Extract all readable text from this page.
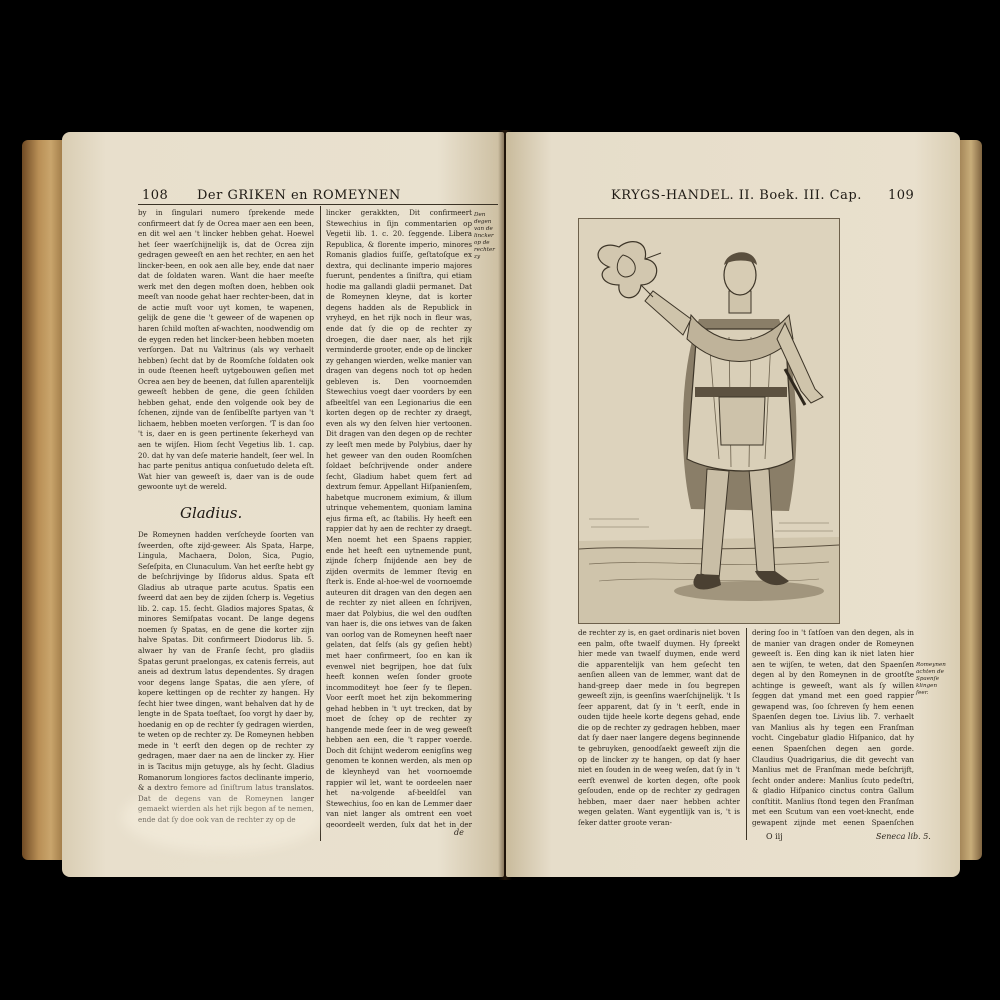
108 Der GRIKEN en ROMEYNEN

by in ſingulari numero ſprekende mede confirmeert dat ſy de Ocrea maer aen een been, en dit wel aen 't lincker hebben gehat. Hoewel het ſeer waerſchijnelijk is, dat de Ocrea zijn gedragen geweeſt en aen het rechter, en aen het lincker-been, en ook aen alle bey, ende dat naer dat de ſoldaten waren. Want die haer meeſte werk met den degen moſten doen, hebben ook meeſt van noode gehat haer rechter-been, dat in de actie muſt voor uyt komen, te wapenen, gelijk de gene die 't geweer of de wapenen op haren ſchild moſten af-wachten, noodwendig om de eygen reden het lincker-been hebben moeten verſorgen. Dat nu Valtrinus (als wy verhaelt hebben) ſecht dat by de Roomſche ſoldaten ook in oude ſteenen heeft uytgebouwen geſien met Ocrea aen bey de beenen, dat ſullen aparentelijk geweeſt hebben de gene, die geen ſchilden hebben gehat, ende den volgende ook bey de ſchenen, zijnde van de ſenſibelſte partyen van 't lichaem, hebben moeten verſorgen. 'T is dan ſoo 't is, daer en is geen pertinente ſekerheyd van aen te wijſen. Hiom ſecht Vegetius lib. 1. cap. 20. dat hy van deſe materie handelt, ſeer wel. In hac parte penitus antiqua conſuetudo deleta eſt. Wat hier van geweeſt is, daer van is de oude gewoonte uyt de wereld.

Gladius.

De Romeynen hadden verſcheyde ſoorten van ſweerden, ofte zijd-geweer. Als Spata, Harpe, Lingula, Machaera, Dolon, Sica, Pugio, Seſeſpita, en Clunaculum. Van het eerſte hebt gy de beſchrijvinge by Iſidorus aldus. Spata eſt Gladius ab utraque parte acutus. Spatis een ſweerd dat aen bey de zijden ſcherp is. Vegetius lib. 2. cap. 15. ſecht. Gladios majores Spatas, & minores Semiſpatas vocant. De lange degens noemen ſy Spatas, en de gene die korter zijn halve Spatas. Dit confirmeert Diodorus lib. 5. alwaer hy van de Franſe ſecht, pro gladiis Spatas gerunt praelongas, ex catenis ferreis, aut aneis ad dextrum latus dependentes. Sy dragen voor degens lange Spatas, die aen yſere, of kopere kettingen op de rechter zy hangen. Hy ſecht hier twee dingen, want behalven dat hy de lengte in de Spata toeſtaet, ſoo vorgt hy daer by, hoedanig en op de rechter ſy gedragen wierden, te weten op de rechter zy. De Romeynen hebben mede in 't eerſt den degen op de rechter zy gedragen, maer daer na aen de lincker zy. Hier in is Tacitus mijn getuyge, als hy ſecht. Gladius Romanorum longiores factos declinante imperio, & a dextro femore ad ſiniſtrum latus translatos. Dat de degens van de Romeynen langer gemaekt wierden als het rijk begon af te nemen, ende dat ſy doe ook van de rechter zy op de

lincker gerakkten, Dit confirmeert Stewechius in ſijn commentarien op Vegetii lib. 1. c. 20. ſeggende. Libera Republica, & florente imperio, minores Romanis gladios fuiſſe, geſtatoſque ex dextra, qui declinante imperio majores fuerunt, pendentes a ſiniſtra, qui etiam hodie ma gallandi gladii permanet. Dat de Romeynen kleyne, dat is korter degens hadden als de Republick in vryheyd, en het rijk noch in fleur was, ende dat ſy die op de rechter zy droegen, die daer naer, als het rijk verminderde grooter, ende op de lincker zy gehangen wierden, welke manier van dragen van degens noch tot op heden gebleven is. Den voornoemden Stewechius voegt daer voorders by een afbeeltſel van een Legionarius die een korten degen op de rechter zy draegt, even als wy den ſelven hier vertoonen. Dit dragen van den degen op de rechter zy leeſt men mede by Polybius, daer hy het geweer van den ouden Roomſchen ſoldaet beſchrijvende onder andere ſecht, Gladium habet quem fert ad dextrum femur. Appellant Hiſpanienſem, habetque mucronem eximium, & illum utrinque vehementem, quoniam lamina ejus firma eſt, ac ſtabilis. Hy heeft een rappier dat hy aen de rechter zy draegt. Men noemt het een Spaens rappier, ende het heeft een uytnemende punt, zijnde ſcherp ſnijdende aen bey de zijden overmits de lemmer ſtevig en ſterk is. Ende al-hoe-wel de voornoemde auteuren dit dragen van den degen aen de rechter zy niet alleen en ſchrijven, maer dat Polybius, die wel den oudſten van haer is, die ons ietwes van de ſaken van oorlog van de Romeynen heeft naer gelaten, dat ſelfs (als gy geſien hebt) met haer confirmeert, ſoo en kan ik evenwel niet begrijpen, hoe dat ſulx heeft konnen weſen ſonder groote incommoditeyt hoe ſeer ſy te ſlepen. Voor eerſt moet het zijn bekommering gehad hebben in 't uyt trecken, dat by moet de ſchey op de rechter zy hangende mede ſeer in de weg geweeſt hebben aen een, die 't rapper voerde. Doch dit ſchijnt wederom eenigſins weg genomen te konnen werden, als men op de kleynheyd van het voornoemde rappier wil let, want te oordeelen naer het na-volgende af-beeldſel van Stewechius, ſoo en kan de Lemmer daer van niet langer als omtrent een voet geoordeelt werden, ſulx dat het in der

Den degen van de lincker op de rechter zy
de
KRYGS-HANDEL. II. Boek. III. Cap. 109

de rechter zy is, en gaet ordinaris niet boven een palm, ofte twaelf duymen. Hy ſpreekt hier mede van twaelf duymen, ende werd die apparentelijk van hem geſecht ten aenſien alleen van de lemmer, want dat de hand-greep daer mede in ſou begrepen geweeſt zijn, is geenſins waerſchijnelijk. 't Is ſeer apparent, dat ſy in 't eerſt, ende in ouden tijde heele korte degens gehad, ende die op de rechter zy gedragen hebben, maer dat ſy daer naer langere degens beginnende te gebruyken, genoodſaekt geweeſt zijn die op de lincker zy te hangen, op dat ſy haer niet en ſouden in de weeg weſen, dat ſy in 't eerſt evenwel de korten degen, ofte pook geſouden, ende op de rechter zy gedragen hebben, maer daer naer hebben achter wegen gelaten. Want eygentlijk van is, 't is ſeker datter groote veran-

dering ſoo in 't ſatſoen van den degen, als in de manier van dragen onder de Romeynen geweeſt is. Een ding kan ik niet laten hier aen te wijſen, te weten, dat den Spaenſen degen al by den Romeynen in de grootſte achtinge is geweeſt, want als ſy willen ſeggen dat ymand met een goed rappier gewapend was, ſoo ſchreven ſy hem eenen Spaenſen degen toe. Livius lib. 7. verhaelt van Manlius als hy tegen een Franſman vocht. Cingebatur gladio Hiſpanico, dat hy eenen Spaenſchen degen aen gorde. Claudius Quadrigarius, die dit gevecht van Manlius met de Franſman mede beſchrijft, ſecht onder andere: Manlius ſcuto pedeſtri, & gladio Hiſpanico cinctus contra Gallum conſtitit. Manlius ſtond tegen den Franſman met een Scutum van een voet-knecht, ende gewapent zijnde met eenen Spaenſchen

Romeynen achten de Spaenſe klingen ſeer.
O iij	Seneca lib. 5.
